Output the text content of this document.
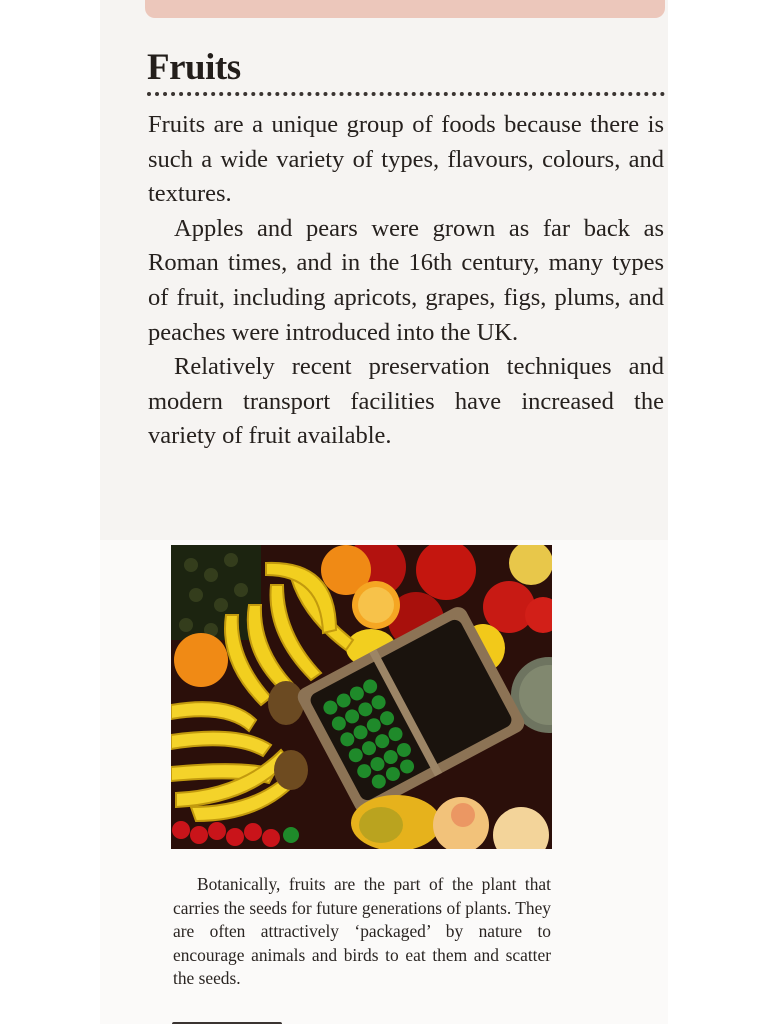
Fruits

Fruits are a unique group of foods because there is such a wide variety of types, flavours, colours, and textures.

Apples and pears were grown as far back as Roman times, and in the 16th century, many types of fruit, including apricots, grapes, figs, plums, and peaches were introduced into the UK.

Relatively recent preservation techniques and modern transport facilities have increased the variety of fruit available.

Botanically, fruits are the part of the plant that carries the seeds for future generations of plants. They are often attractively ‘packaged’ by nature to encourage animals and birds to eat them and scatter the seeds.
